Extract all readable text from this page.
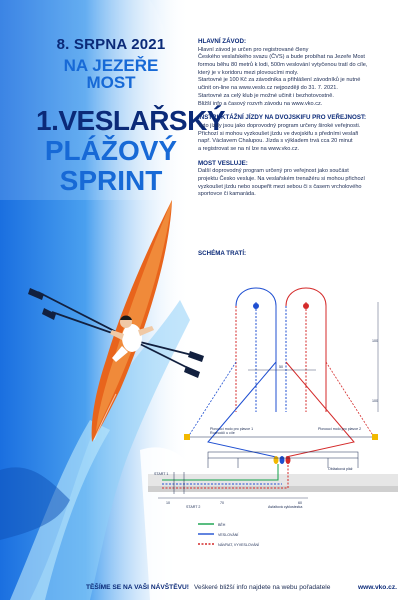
8. SRPNA 2021
NA JEZEŘE
MOST
1.VESLAŘSKÝ
PLÁŽOVÝ
SPRINT

HLAVNÍ ZÁVOD:

Hlavní závod je určen pro registrované členy
Českého veslařského svazu (ČVS) a bude probíhat na Jezeře Most
formou běhu 80 metrů k lodi, 500m veslování vytyčenou tratí do cíle,
který je v koridoru mezi plovoucími moly.
Startovné je 100 Kč za závodníka a přihlášení závodníků je nutné
učinit on-line na www.veslo.cz nejpozději do 31. 7. 2021.
Startovné za celý klub je možné učinit i bezhotovostně.
Bližší info a časový rozvrh závodu na www.vko.cz.

INSTRUKTÁŽNÍ JÍZDY NA DVOJSKIFU PRO VEŘEJNOST:

Tyto jízdy jsou jako doprovodný program určeny široké veřejnosti.
Přichozí si mohou vyzkoušet jízdu ve dvojskifu s předními veslaři
např. Václavem Chalupou. Jízda s výkladem trvá cca 20 minut
a registrovat se na ní lze na www.vko.cz.

MOST VESLUJE:

Další doprovodný program určený pro veřejnost jako součást
projektu Česko vesluje. Na veslařském trenažéru si mohou přichozí
vyzkoušet jízdu nebo soupeřit mezi sebou či s časem vrcholového
sportovce či kamaráda.

SCHÉMA TRATÍ:
50
100
100
Plovoucí molo pro plavce 1
Rozhodčí u cíle
Plovoucí molo pro plavce 2
Oblázková pláž
Asfaltová cyklostezka
START 1
START 2
10	70	60
BĚH
VESLOVÁNÍ
NÁVRAT, VYVESLOVÁNÍ
TĚŠÍME SE NA VAŠI NÁVŠTĚVU! Veškeré bližší info najdete na webu pořadatele	www.vko.cz.
